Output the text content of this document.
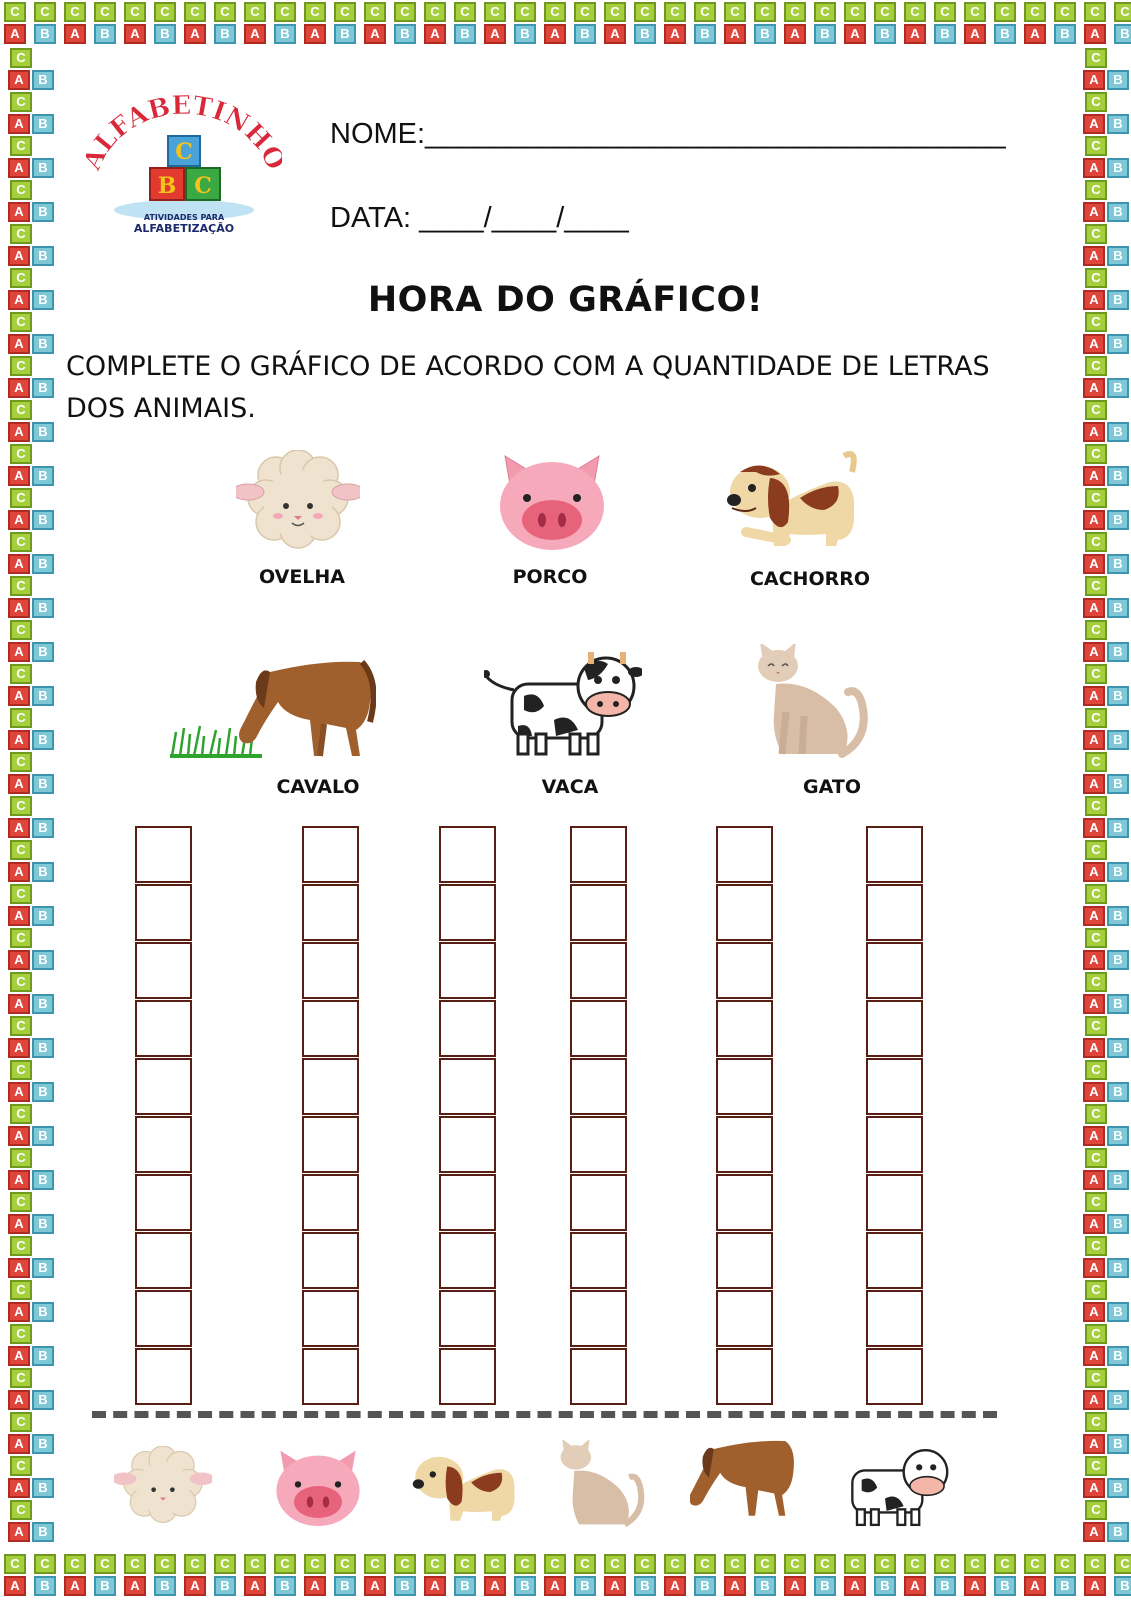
C
A
C
B
C
A
C
B
C
A
C
B
C
A
C
B
C
A
C
B
C
A
C
B
C
A
C
B
C
A
C
B
C
A
C
B
C
A
C
B
C
A
C
B
C
A
C
B
C
A
C
B
C
A
C
B
C
A
C
B
C
A
C
B
C
A
C
B
C
A
C
B
C
A
C
B
C
A
C
B
C
A
C
B
C
A
C
B
C
A
C
B
C
A
C
B
C
A
C
B
C
A
C
B
C
A
C
B
C
A
C
B
C
A
C
B
C
A
C
B
C
A
C
B
C
A
C
B
C
A
C
B
C
A
C
B
C
A
C
B
C
A
C
B
C
A
C
B
C
A
C
B
C
A	B
C
A	B
C
A	B
C
A	B
C
A	B
C
A	B
C
A	B
C
A	B
C
A	B
C
A	B
C
A	B
C
A	B
C
A	B
C
A	B
C
A	B
C
A	B
C
A	B
C
A	B
C
A	B
C
A	B
C
A	B
C
A	B
C
A	B
C
A	B
C
A	B
C
A	B
C
A	B
C
A	B
C
A	B
C
A	B
C
A	B
C
A	B
C
A	B
C
A	B
C
A	B
C
A	B
C
A	B
C
A	B
C
A	B
C
A	B
C
A	B
C
A	B
C
A	B
C
A	B
C
A	B
C
A	B
C
A	B
C
A	B
C
A	B
C
A	B
C
A	B
C
A	B
C
A	B
C
A	B
C
A	B
C
A	B
C
A	B
C
A	B
C
A	B
C
A	B
C
A	B
C
A	B
C
A	B
C
A	B
C
A	B
C
A	B
C
A	B
C
A	B
LFABETINH
C
B C
ATIVIDADES PARA
ALFABETIZAÇÃO
NOME:____________________________________
DATA: ____/____/____
HORA DO GRÁFICO!
COMPLETE O GRÁFICO DE ACORDO COM A QUANTIDADE DE LETRAS DOS ANIMAIS.
OVELHA	PORCO	CACHORRO
CAVALO	VACA	GATO
